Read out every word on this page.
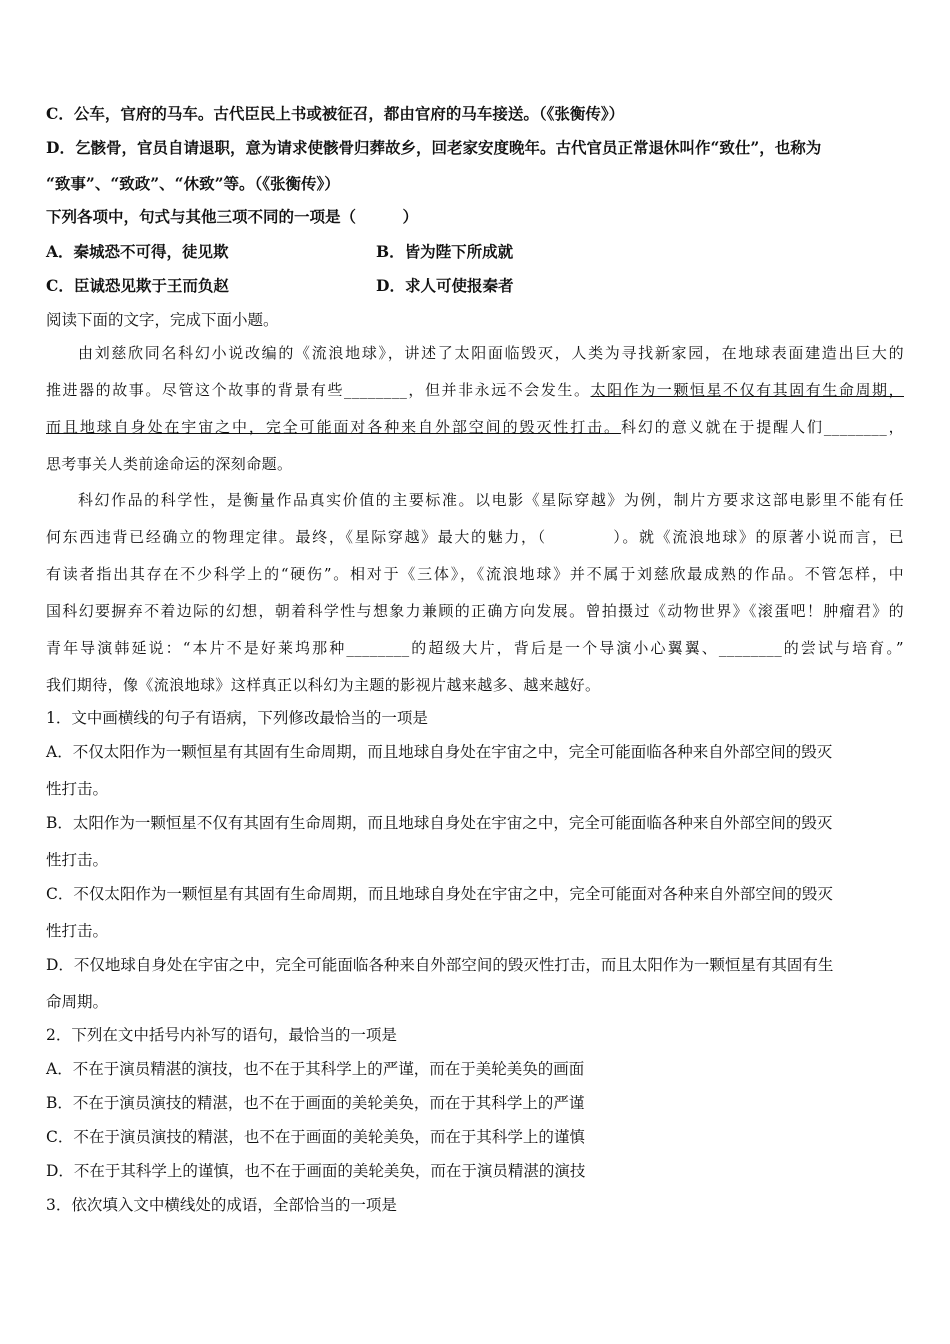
C．公车，官府的马车。古代臣民上书或被征召，都由官府的马车接送。（《张衡传》）
D．乞骸骨，官员自请退职，意为请求使骸骨归葬故乡，回老家安度晚年。古代官员正常退休叫作“致仕”，也称为
“致事”、“致政”、“休致”等。（《张衡传》）
下列各项中，句式与其他三项不同的一项是（　　　）
A．秦城恐不可得，徒见欺	B．皆为陛下所成就
C．臣诚恐见欺于王而负赵	D．求人可使报秦者
阅读下面的文字，完成下面小题。
由刘慈欣同名科幻小说改编的《流浪地球》，讲述了太阳面临毁灭，人类为寻找新家园，在地球表面建造出巨大的
推进器的故事。尽管这个故事的背景有些________，但并非永远不会发生。太阳作为一颗恒星不仅有其固有生命周期，
而且地球自身处在宇宙之中，完全可能面对各种来自外部空间的毁灭性打击。科幻的意义就在于提醒人们________，
思考事关人类前途命运的深刻命题。
科幻作品的科学性，是衡量作品真实价值的主要标准。以电影《星际穿越》为例，制片方要求这部电影里不能有任
何东西违背已经确立的物理定律。最终，《星际穿越》最大的魅力，（　　　　）。就《流浪地球》的原著小说而言，已
有读者指出其存在不少科学上的“硬伤”。相对于《三体》，《流浪地球》并不属于刘慈欣最成熟的作品。不管怎样，中
国科幻要摒弃不着边际的幻想，朝着科学性与想象力兼顾的正确方向发展。曾拍摄过《动物世界》《滚蛋吧！肿瘤君》的
青年导演韩延说：“本片不是好莱坞那种________的超级大片，背后是一个导演小心翼翼、________的尝试与培育。”
我们期待，像《流浪地球》这样真正以科幻为主题的影视片越来越多、越来越好。
1．文中画横线的句子有语病，下列修改最恰当的一项是
A．不仅太阳作为一颗恒星有其固有生命周期，而且地球自身处在宇宙之中，完全可能面临各种来自外部空间的毁灭
性打击。
B．太阳作为一颗恒星不仅有其固有生命周期，而且地球自身处在宇宙之中，完全可能面临各种来自外部空间的毁灭
性打击。
C．不仅太阳作为一颗恒星有其固有生命周期，而且地球自身处在宇宙之中，完全可能面对各种来自外部空间的毁灭
性打击。
D．不仅地球自身处在宇宙之中，完全可能面临各种来自外部空间的毁灭性打击，而且太阳作为一颗恒星有其固有生
命周期。
2．下列在文中括号内补写的语句，最恰当的一项是
A．不在于演员精湛的演技，也不在于其科学上的严谨，而在于美轮美奂的画面
B．不在于演员演技的精湛，也不在于画面的美轮美奂，而在于其科学上的严谨
C．不在于演员演技的精湛，也不在于画面的美轮美奂，而在于其科学上的谨慎
D．不在于其科学上的谨慎，也不在于画面的美轮美奂，而在于演员精湛的演技
3．依次填入文中横线处的成语，全部恰当的一项是
